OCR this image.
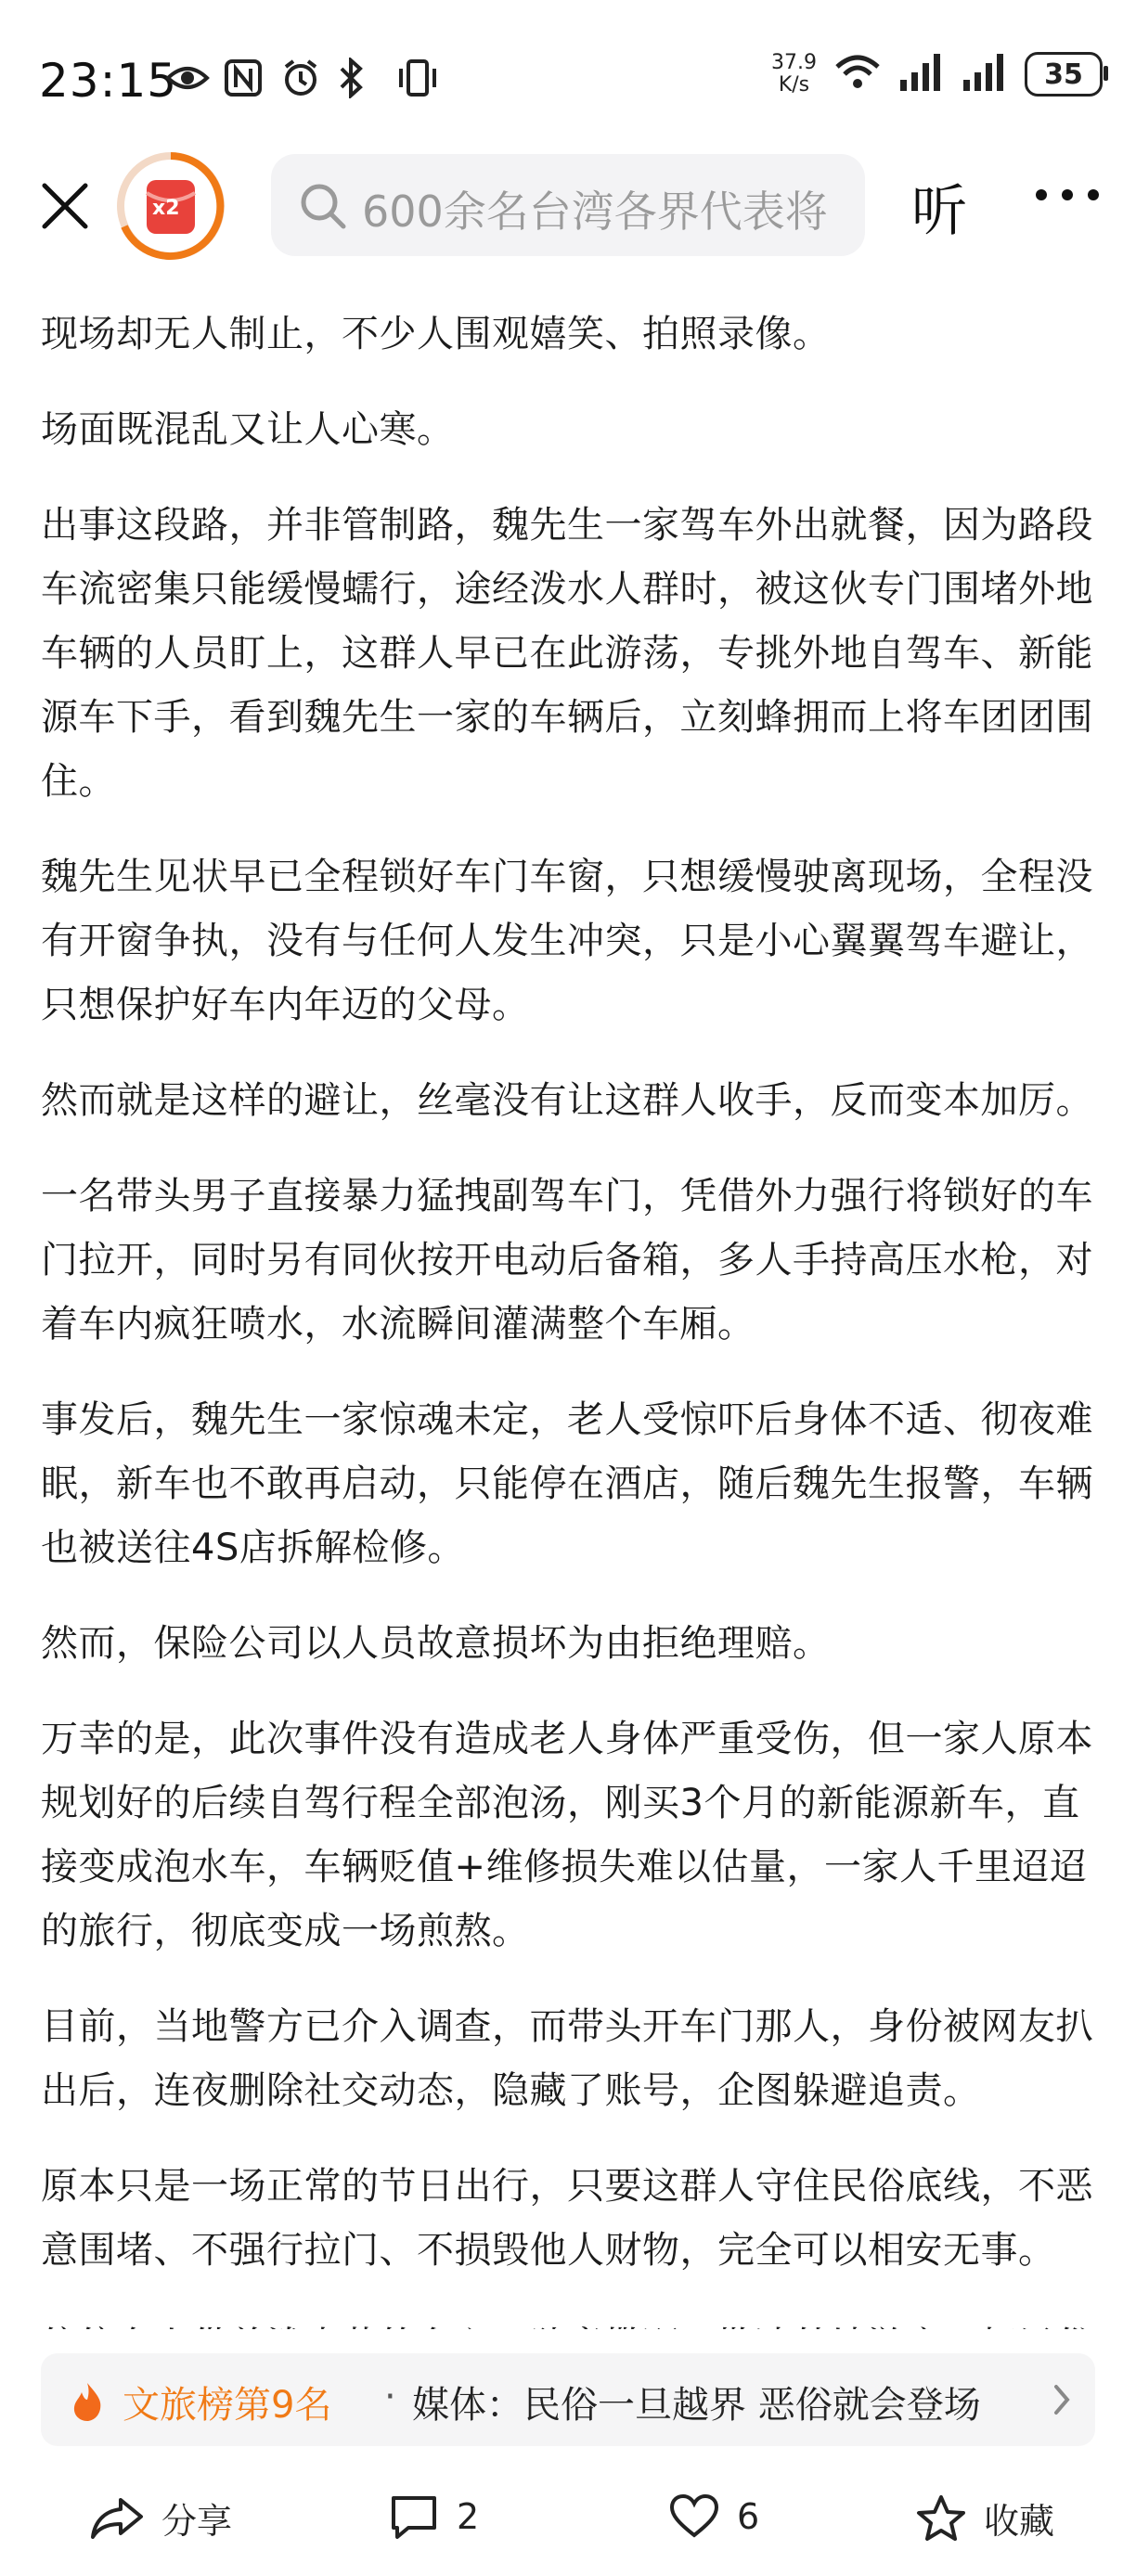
23:15	37.9
K/s	35
x2	600余名台湾各界代表将 听

现场却无人制止，不少人围观嬉笑、拍照录像。

场面既混乱又让人心寒。

出事这段路，并非管制路，魏先生一家驾车外出就餐，因为路段车流密集只能缓慢蠕行，途经泼水人群时，被这伙专门围堵外地车辆的人员盯上，这群人早已在此游荡，专挑外地自驾车、新能源车下手，看到魏先生一家的车辆后，立刻蜂拥而上将车团团围住。

魏先生见状早已全程锁好车门车窗，只想缓慢驶离现场，全程没有开窗争执，没有与任何人发生冲突，只是小心翼翼驾车避让，只想保护好车内年迈的父母。

然而就是这样的避让，丝毫没有让这群人收手，反而变本加厉。

一名带头男子直接暴力猛拽副驾车门，凭借外力强行将锁好的车门拉开，同时另有同伙按开电动后备箱，多人手持高压水枪，对着车内疯狂喷水，水流瞬间灌满整个车厢。

事发后，魏先生一家惊魂未定，老人受惊吓后身体不适、彻夜难眠，新车也不敢再启动，只能停在酒店，随后魏先生报警，车辆也被送往4S店拆解检修。

然而，保险公司以人员故意损坏为由拒绝理赔。

万幸的是，此次事件没有造成老人身体严重受伤，但一家人原本规划好的后续自驾行程全部泡汤，刚买3个月的新能源新车，直接变成泡水车，车辆贬值+维修损失难以估量，一家人千里迢迢的旅行，彻底变成一场煎熬。

目前，当地警方已介入调查，而带头开车门那人，身份被网友扒出后，连夜删除社交动态，隐藏了账号，企图躲避追责。

原本只是一场正常的节日出行，只要这群人守住民俗底线，不恶意围堵、不强行拉门、不损毁他人财物，完全可以相安无事。

文旅榜第9名 · 媒体：民俗一旦越界 恶俗就会登场
分享	2	6	收藏
